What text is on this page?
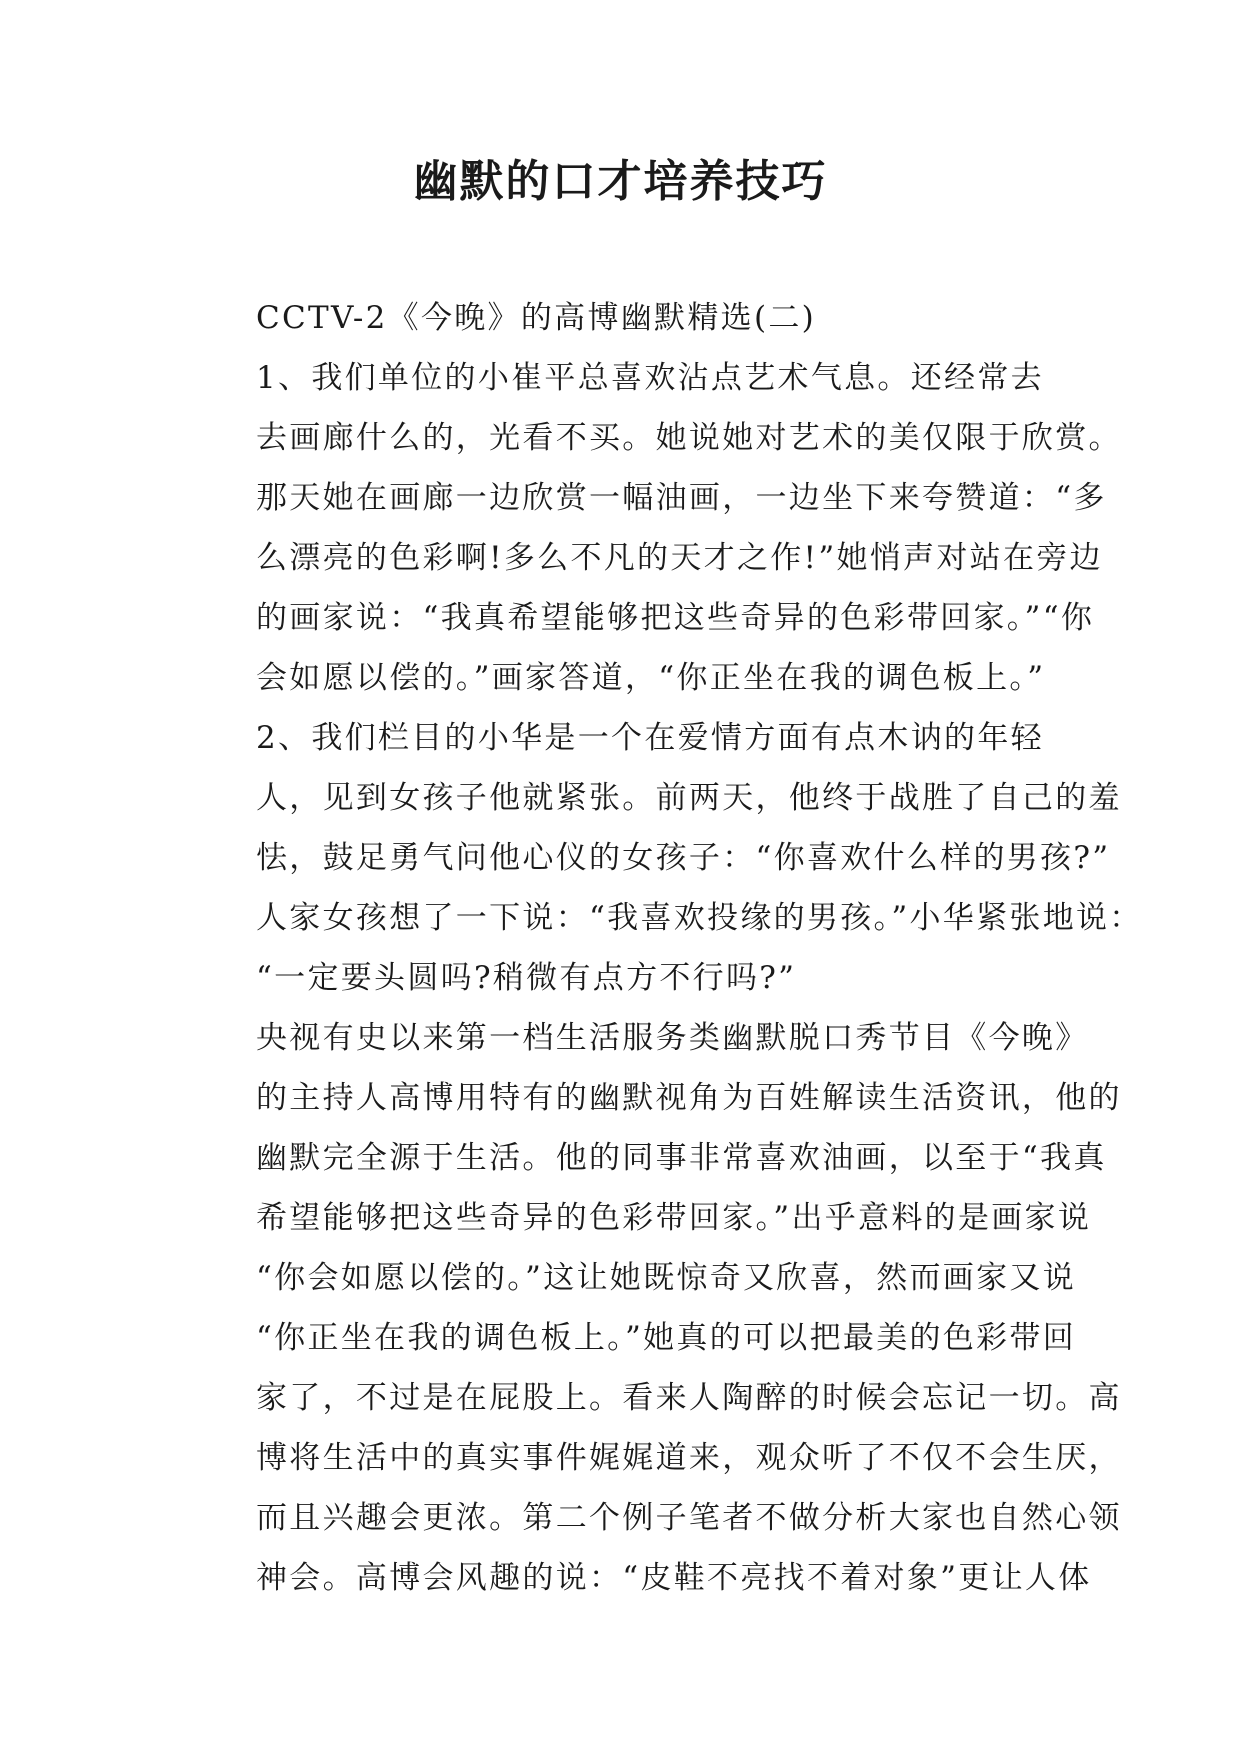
幽默的口才培养技巧

CCTV-2《今晚》的高博幽默精选(二)

1、我们单位的小崔平总喜欢沾点艺术气息。还经常去
去画廊什么的，光看不买。她说她对艺术的美仅限于欣赏。
那天她在画廊一边欣赏一幅油画，一边坐下来夸赞道：“多
么漂亮的色彩啊!多么不凡的天才之作!”她悄声对站在旁边
的画家说：“我真希望能够把这些奇异的色彩带回家。”“你
会如愿以偿的。”画家答道，“你正坐在我的调色板上。”

2、我们栏目的小华是一个在爱情方面有点木讷的年轻
人，见到女孩子他就紧张。前两天，他终于战胜了自己的羞
怯，鼓足勇气问他心仪的女孩子：“你喜欢什么样的男孩?”
人家女孩想了一下说：“我喜欢投缘的男孩。”小华紧张地说：
“一定要头圆吗?稍微有点方不行吗?”

央视有史以来第一档生活服务类幽默脱口秀节目《今晚》
的主持人高博用特有的幽默视角为百姓解读生活资讯，他的
幽默完全源于生活。他的同事非常喜欢油画，以至于“我真
希望能够把这些奇异的色彩带回家。”出乎意料的是画家说
“你会如愿以偿的。”这让她既惊奇又欣喜，然而画家又说
“你正坐在我的调色板上。”她真的可以把最美的色彩带回
家了，不过是在屁股上。看来人陶醉的时候会忘记一切。高
博将生活中的真实事件娓娓道来，观众听了不仅不会生厌，
而且兴趣会更浓。第二个例子笔者不做分析大家也自然心领
神会。高博会风趣的说：“皮鞋不亮找不着对象”更让人体
